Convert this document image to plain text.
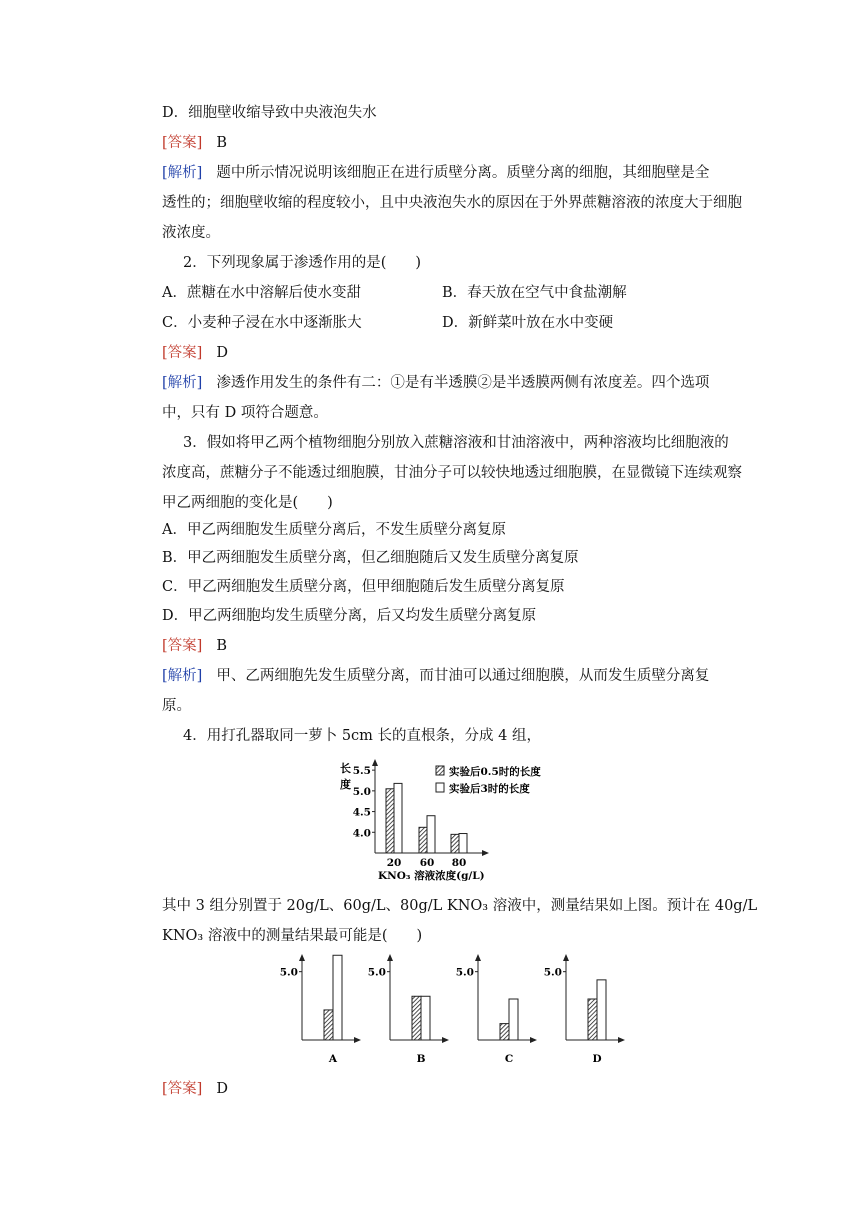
D．细胞壁收缩导致中央液泡失水
[答案] B
[解析] 题中所示情况说明该细胞正在进行质壁分离。质壁分离的细胞，其细胞壁是全
透性的；细胞壁收缩的程度较小，且中央液泡失水的原因在于外界蔗糖溶液的浓度大于细胞
液浓度。
2．下列现象属于渗透作用的是(　　)
A．蔗糖在水中溶解后使水变甜	B．春天放在空气中食盐潮解
C．小麦种子浸在水中逐渐胀大	D．新鲜菜叶放在水中变硬
[答案] D
[解析] 渗透作用发生的条件有二：①是有半透膜②是半透膜两侧有浓度差。四个选项
中，只有 D 项符合题意。
3．假如将甲乙两个植物细胞分别放入蔗糖溶液和甘油溶液中，两种溶液均比细胞液的
浓度高，蔗糖分子不能透过细胞膜，甘油分子可以较快地透过细胞膜，在显微镜下连续观察
甲乙两细胞的变化是(　　)
A．甲乙两细胞发生质壁分离后，不发生质壁分离复原
B．甲乙两细胞发生质壁分离，但乙细胞随后又发生质壁分离复原
C．甲乙两细胞发生质壁分离，但甲细胞随后发生质壁分离复原
D．甲乙两细胞均发生质壁分离，后又均发生质壁分离复原
[答案] B
[解析] 甲、乙两细胞先发生质壁分离，而甘油可以通过细胞膜，从而发生质壁分离复
原。
4．用打孔器取同一萝卜 5cm 长的直根条，分成 4 组，
长
度
4.0
4.5
5.0
5.5
20 60 80
实验后0.5时的长度
实验后3时的长度
KNO₃ 溶液浓度(g/L)
其中 3 组分别置于 20g/L、60g/L、80g/L KNO₃ 溶液中，测量结果如上图。预计在 40g/L
KNO₃ 溶液中的测量结果最可能是(　　)
5.0
A
5.0
B
5.0
C
5.0
D
[答案] D
